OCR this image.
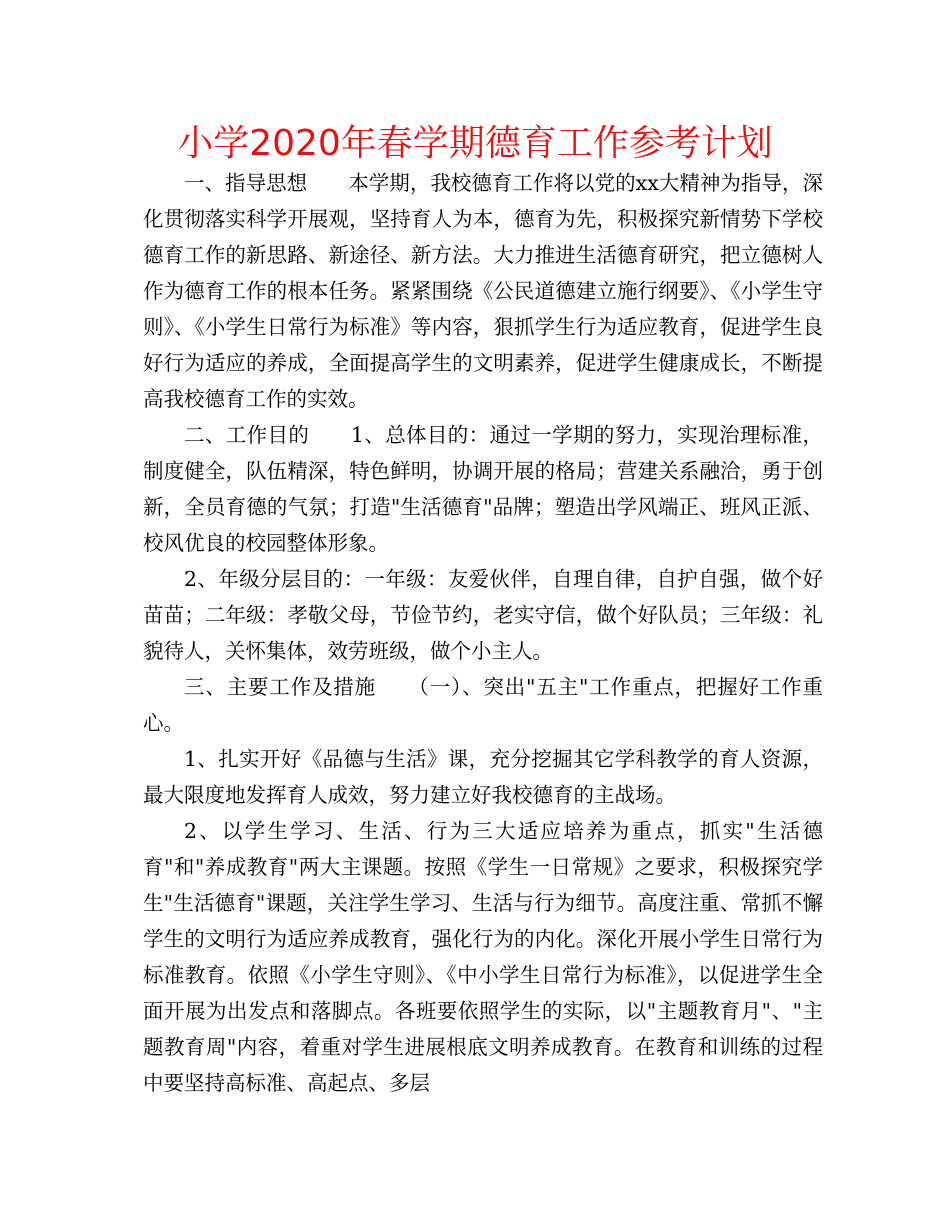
小学2020年春学期德育工作参考计划

一、指导思想　　本学期，我校德育工作将以党的xx大精神为指导，深化贯彻落实科学开展观，坚持育人为本，德育为先，积极探究新情势下学校德育工作的新思路、新途径、新方法。大力推进生活德育研究，把立德树人作为德育工作的根本任务。紧紧围绕《公民道德建立施行纲要》、《小学生守则》、《小学生日常行为标准》等内容，狠抓学生行为适应教育，促进学生良好行为适应的养成，全面提高学生的文明素养，促进学生健康成长，不断提高我校德育工作的实效。

二、工作目的　　1、总体目的：通过一学期的努力，实现治理标准，制度健全，队伍精深，特色鲜明，协调开展的格局；营建关系融洽，勇于创新，全员育德的气氛；打造"生活德育"品牌；塑造出学风端正、班风正派、校风优良的校园整体形象。

2、年级分层目的：一年级：友爱伙伴，自理自律，自护自强，做个好苗苗；二年级：孝敬父母，节俭节约，老实守信，做个好队员；三年级：礼貌待人，关怀集体，效劳班级，做个小主人。

三、主要工作及措施　　（一）、突出"五主"工作重点，把握好工作重心。

1、扎实开好《品德与生活》课，充分挖掘其它学科教学的育人资源，最大限度地发挥育人成效，努力建立好我校德育的主战场。

2、以学生学习、生活、行为三大适应培养为重点，抓实"生活德育"和"养成教育"两大主课题。按照《学生一日常规》之要求，积极探究学生"生活德育"课题，关注学生学习、生活与行为细节。高度注重、常抓不懈学生的文明行为适应养成教育，强化行为的内化。深化开展小学生日常行为标准教育。依照《小学生守则》、《中小学生日常行为标准》，以促进学生全面开展为出发点和落脚点。各班要依照学生的实际，以"主题教育月"、"主题教育周"内容，着重对学生进展根底文明养成教育。在教育和训练的过程中要坚持高标准、高起点、多层
